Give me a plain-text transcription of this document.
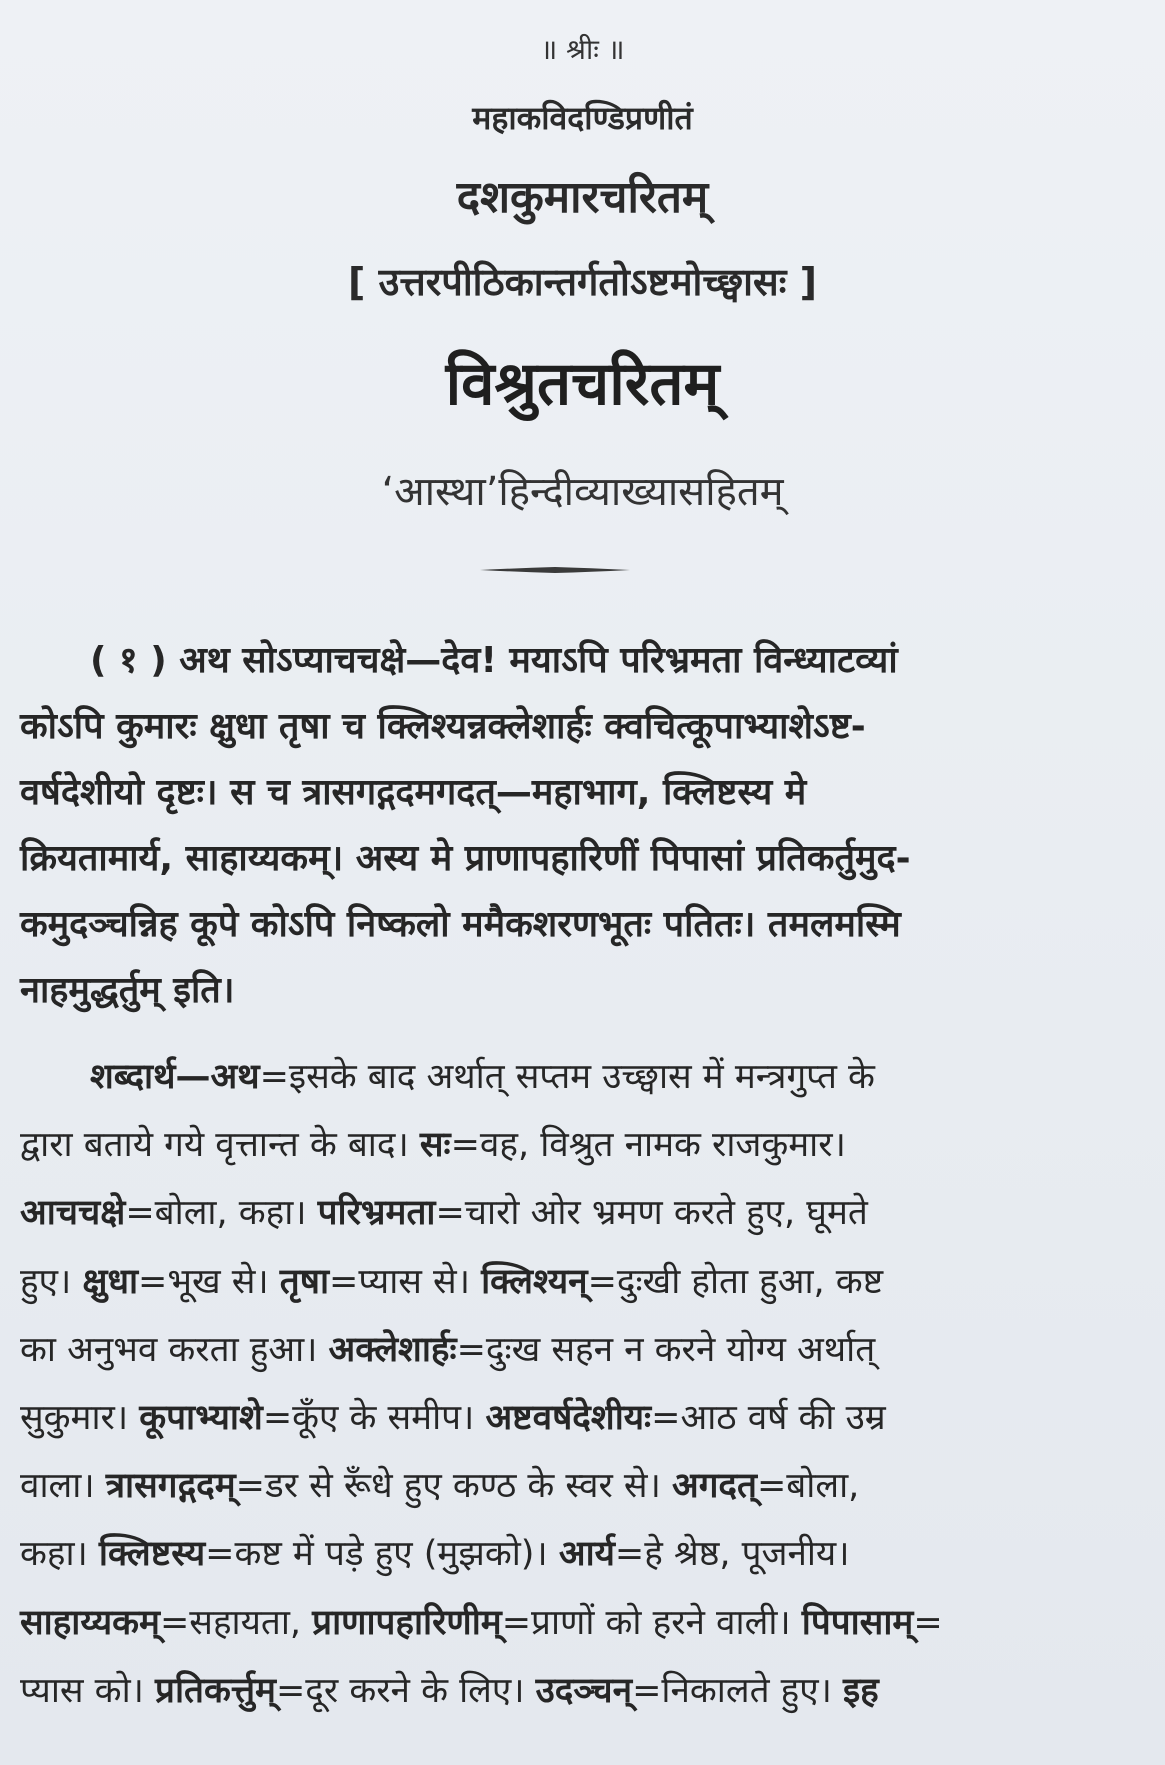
॥ श्रीः ॥
महाकविदण्डिप्रणीतं
दशकुमारचरितम्
[ उत्तरपीठिकान्तर्गतोऽष्टमोच्छ्वासः ]
विश्रुतचरितम्
‘आस्था’हिन्दीव्याख्यासहितम्
( १ ) अथ सोऽप्याचचक्षे—देव! मयाऽपि परिभ्रमता विन्ध्याटव्यां
कोऽपि कुमारः क्षुधा तृषा च क्लिश्यन्नक्लेशार्हः क्वचित्कूपाभ्याशेऽष्ट-
वर्षदेशीयो दृष्टः। स च त्रासगद्गदमगदत्—महाभाग, क्लिष्टस्य मे
क्रियतामार्य, साहाय्यकम्। अस्य मे प्राणापहारिणीं पिपासां प्रतिकर्तुमुद-
कमुदञ्चन्निह कूपे कोऽपि निष्कलो ममैकशरणभूतः पतितः। तमलमस्मि
नाहमुद्धर्तुम् इति।
शब्दार्थ—अथ=इसके बाद अर्थात् सप्तम उच्छ्वास में मन्त्रगुप्त के
द्वारा बताये गये वृत्तान्त के बाद। सः=वह, विश्रुत नामक राजकुमार।
आचचक्षे=बोला, कहा। परिभ्रमता=चारो ओर भ्रमण करते हुए, घूमते
हुए। क्षुधा=भूख से। तृषा=प्यास से। क्लिश्यन्=दुःखी होता हुआ, कष्ट
का अनुभव करता हुआ। अक्लेशार्हः=दुःख सहन न करने योग्य अर्थात्
सुकुमार। कूपाभ्याशे=कूँए के समीप। अष्टवर्षदेशीयः=आठ वर्ष की उम्र
वाला। त्रासगद्गदम्=डर से रूँधे हुए कण्ठ के स्वर से। अगदत्=बोला,
कहा। क्लिष्टस्य=कष्ट में पड़े हुए (मुझको)। आर्य=हे श्रेष्ठ, पूजनीय।
साहाय्यकम्=सहायता, प्राणापहारिणीम्=प्राणों को हरने वाली। पिपासाम्=
प्यास को। प्रतिकर्त्तुम्=दूर करने के लिए। उदञ्चन्=निकालते हुए। इह
